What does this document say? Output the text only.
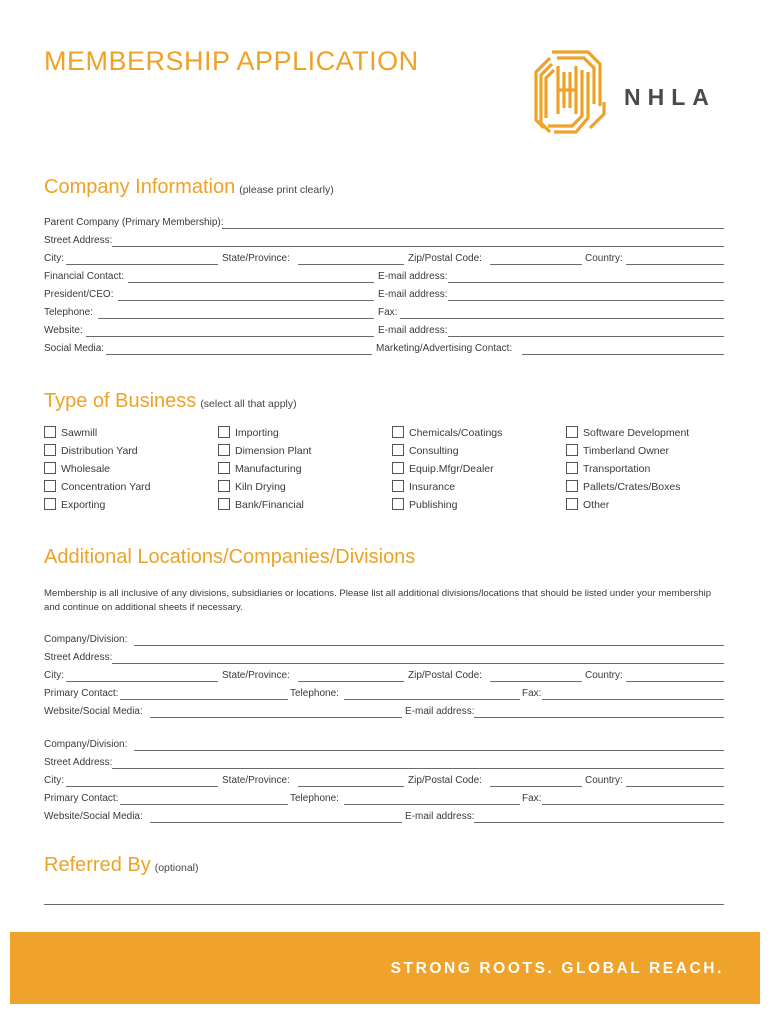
MEMBERSHIP APPLICATION
NHLA
Company Information (please print clearly)
Parent Company (Primary Membership):
Street Address:
City:	State/Province:	Zip/Postal Code:	Country:
Financial Contact:	E-mail address:
President/CEO:	E-mail address:
Telephone:	Fax:
Website:	E-mail address:
Social Media:	Marketing/Advertising Contact:
Type of Business (select all that apply)
Sawmill
Distribution Yard
Wholesale
Concentration Yard
Exporting
Importing
Dimension Plant
Manufacturing
Kiln Drying
Bank/Financial
Chemicals/Coatings
Consulting
Equip.Mfgr/Dealer
Insurance
Publishing
Software Development
Timberland Owner
Transportation
Pallets/Crates/Boxes
Other
Additional Locations/Companies/Divisions
Membership is all inclusive of any divisions, subsidiaries or locations. Please list all additional divisions/locations that should be listed under your membership
and continue on additional sheets if necessary.
Company/Division:
Street Address:
City:	State/Province:	Zip/Postal Code:	Country:
Primary Contact:	Telephone:	Fax:
Website/Social Media:	E-mail address:
Company/Division:
Street Address:
City:	State/Province:	Zip/Postal Code:	Country:
Primary Contact:	Telephone:	Fax:
Website/Social Media:	E-mail address:
Referred By (optional)
STRONG ROOTS. GLOBAL REACH.
